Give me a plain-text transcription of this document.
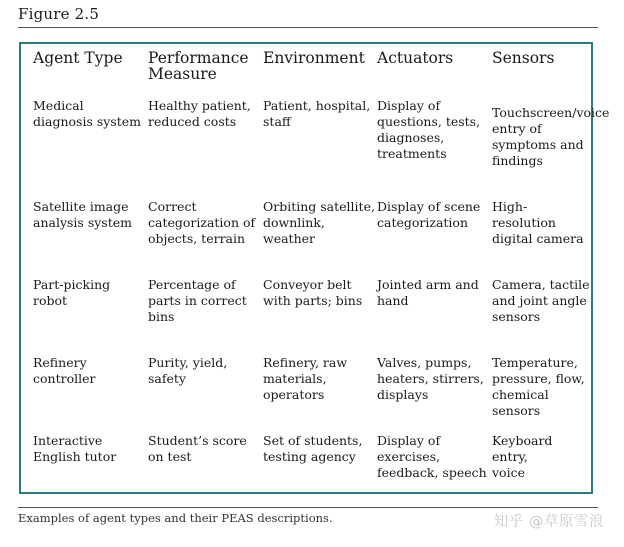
Figure 2.5
Agent Type Performance
Measure
Environment Actuators Sensors
Medical
diagnosis system
Healthy patient,
reduced costs
Patient, hospital,
staff
Display of
questions, tests,
diagnoses,
treatments
Touchscreen/voice
entry of
symptoms and
findings
Satellite image
analysis system
Correct
categorization of
objects, terrain
Orbiting satellite,
downlink,
weather
Display of scene
categorization
High-resolution
digital camera
Part-picking
robot
Percentage of
parts in correct
bins
Conveyor belt
with parts; bins
Jointed arm and
hand
Camera, tactile
and joint angle
sensors
Refinery
controller
Purity, yield,
safety
Refinery, raw
materials,
operators
Valves, pumps,
heaters, stirrers,
displays
Temperature,
pressure, flow,
chemical sensors
Interactive
English tutor
Student’s score
on test
Set of students,
testing agency
Display of
exercises,
feedback, speech
Keyboard entry,
voice
Examples of agent types and their PEAS descriptions.	知乎 @草原雪浪
